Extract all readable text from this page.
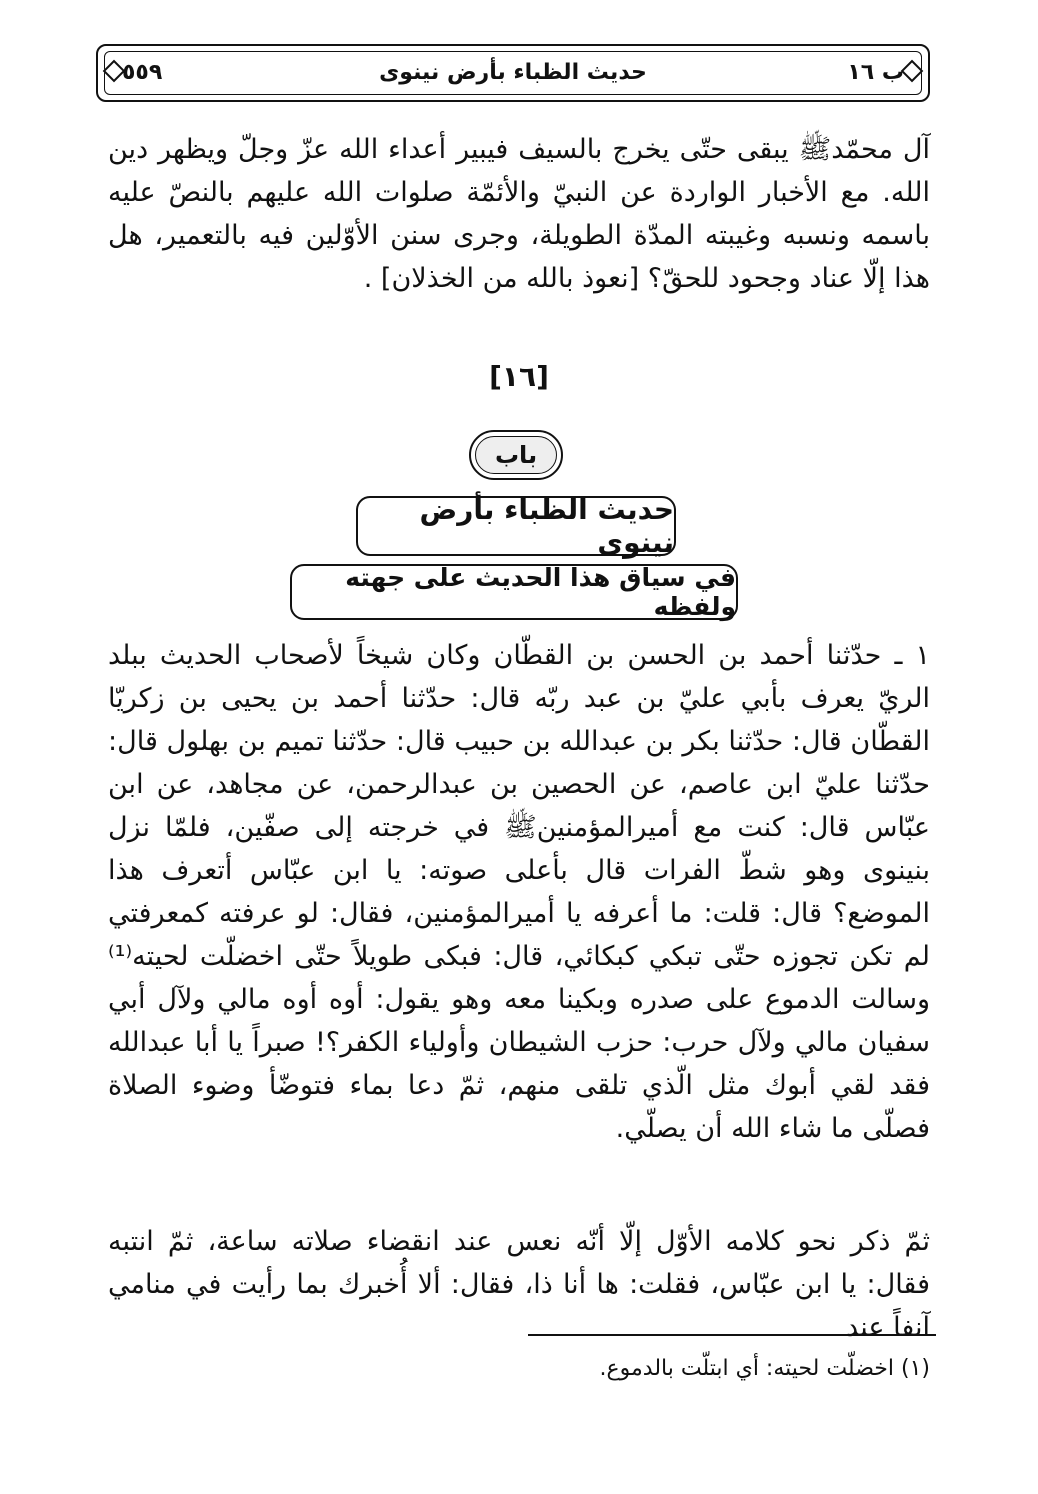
ب ١٦
حديث الظباء بأرض نينوى
٥٥٩

آل محمّدﷺ يبقى حتّى يخرج بالسيف فيبير أعداء الله عزّ وجلّ ويظهر دين الله. مع الأخبار الواردة عن النبيّ والأئمّة صلوات الله عليهم بالنصّ عليه باسمه ونسبه وغيبته المدّة الطويلة، وجرى سنن الأوّلين فيه بالتعمير، هل هذا إلّا عناد وجحود للحقّ؟ [نعوذ بالله من الخذلان] .

[١٦]
باب
حديث الظباء بأرض نينوى
في سياق هذا الحديث على جهته ولفظه

١ ـ حدّثنا أحمد بن الحسن بن القطّان وكان شيخاً لأصحاب الحديث ببلد الريّ يعرف بأبي عليّ بن عبد ربّه قال: حدّثنا أحمد بن يحيى بن زكريّا القطّان قال: حدّثنا بكر بن عبدالله بن حبيب قال: حدّثنا تميم بن بهلول قال: حدّثنا عليّ ابن عاصم، عن الحصين بن عبدالرحمن، عن مجاهد، عن ابن عبّاس قال: كنت مع أميرالمؤمنينﷺ في خرجته إلى صفّين، فلمّا نزل بنينوى وهو شطّ الفرات قال بأعلى صوته: يا ابن عبّاس أتعرف هذا الموضع؟ قال: قلت: ما أعرفه يا أميرالمؤمنين، فقال: لو عرفته كمعرفتي لم تكن تجوزه حتّى تبكي كبكائي، قال: فبكى طويلاً حتّى اخضلّت لحيته⁽¹⁾ وسالت الدموع على صدره وبكينا معه وهو يقول: أوه أوه مالي ولآل أبي سفيان مالي ولآل حرب: حزب الشيطان وأولياء الكفر؟! صبراً يا أبا عبدالله فقد لقي أبوك مثل الّذي تلقى منهم، ثمّ دعا بماء فتوضّأ وضوء الصلاة فصلّى ما شاء الله أن يصلّي.

ثمّ ذكر نحو كلامه الأوّل إلّا أنّه نعس عند انقضاء صلاته ساعة، ثمّ انتبه فقال: يا ابن عبّاس، فقلت: ها أنا ذا، فقال: ألا أُخبرك بما رأيت في منامي آنفاً عند

(١) اخضلّت لحيته: أي ابتلّت بالدموع.
